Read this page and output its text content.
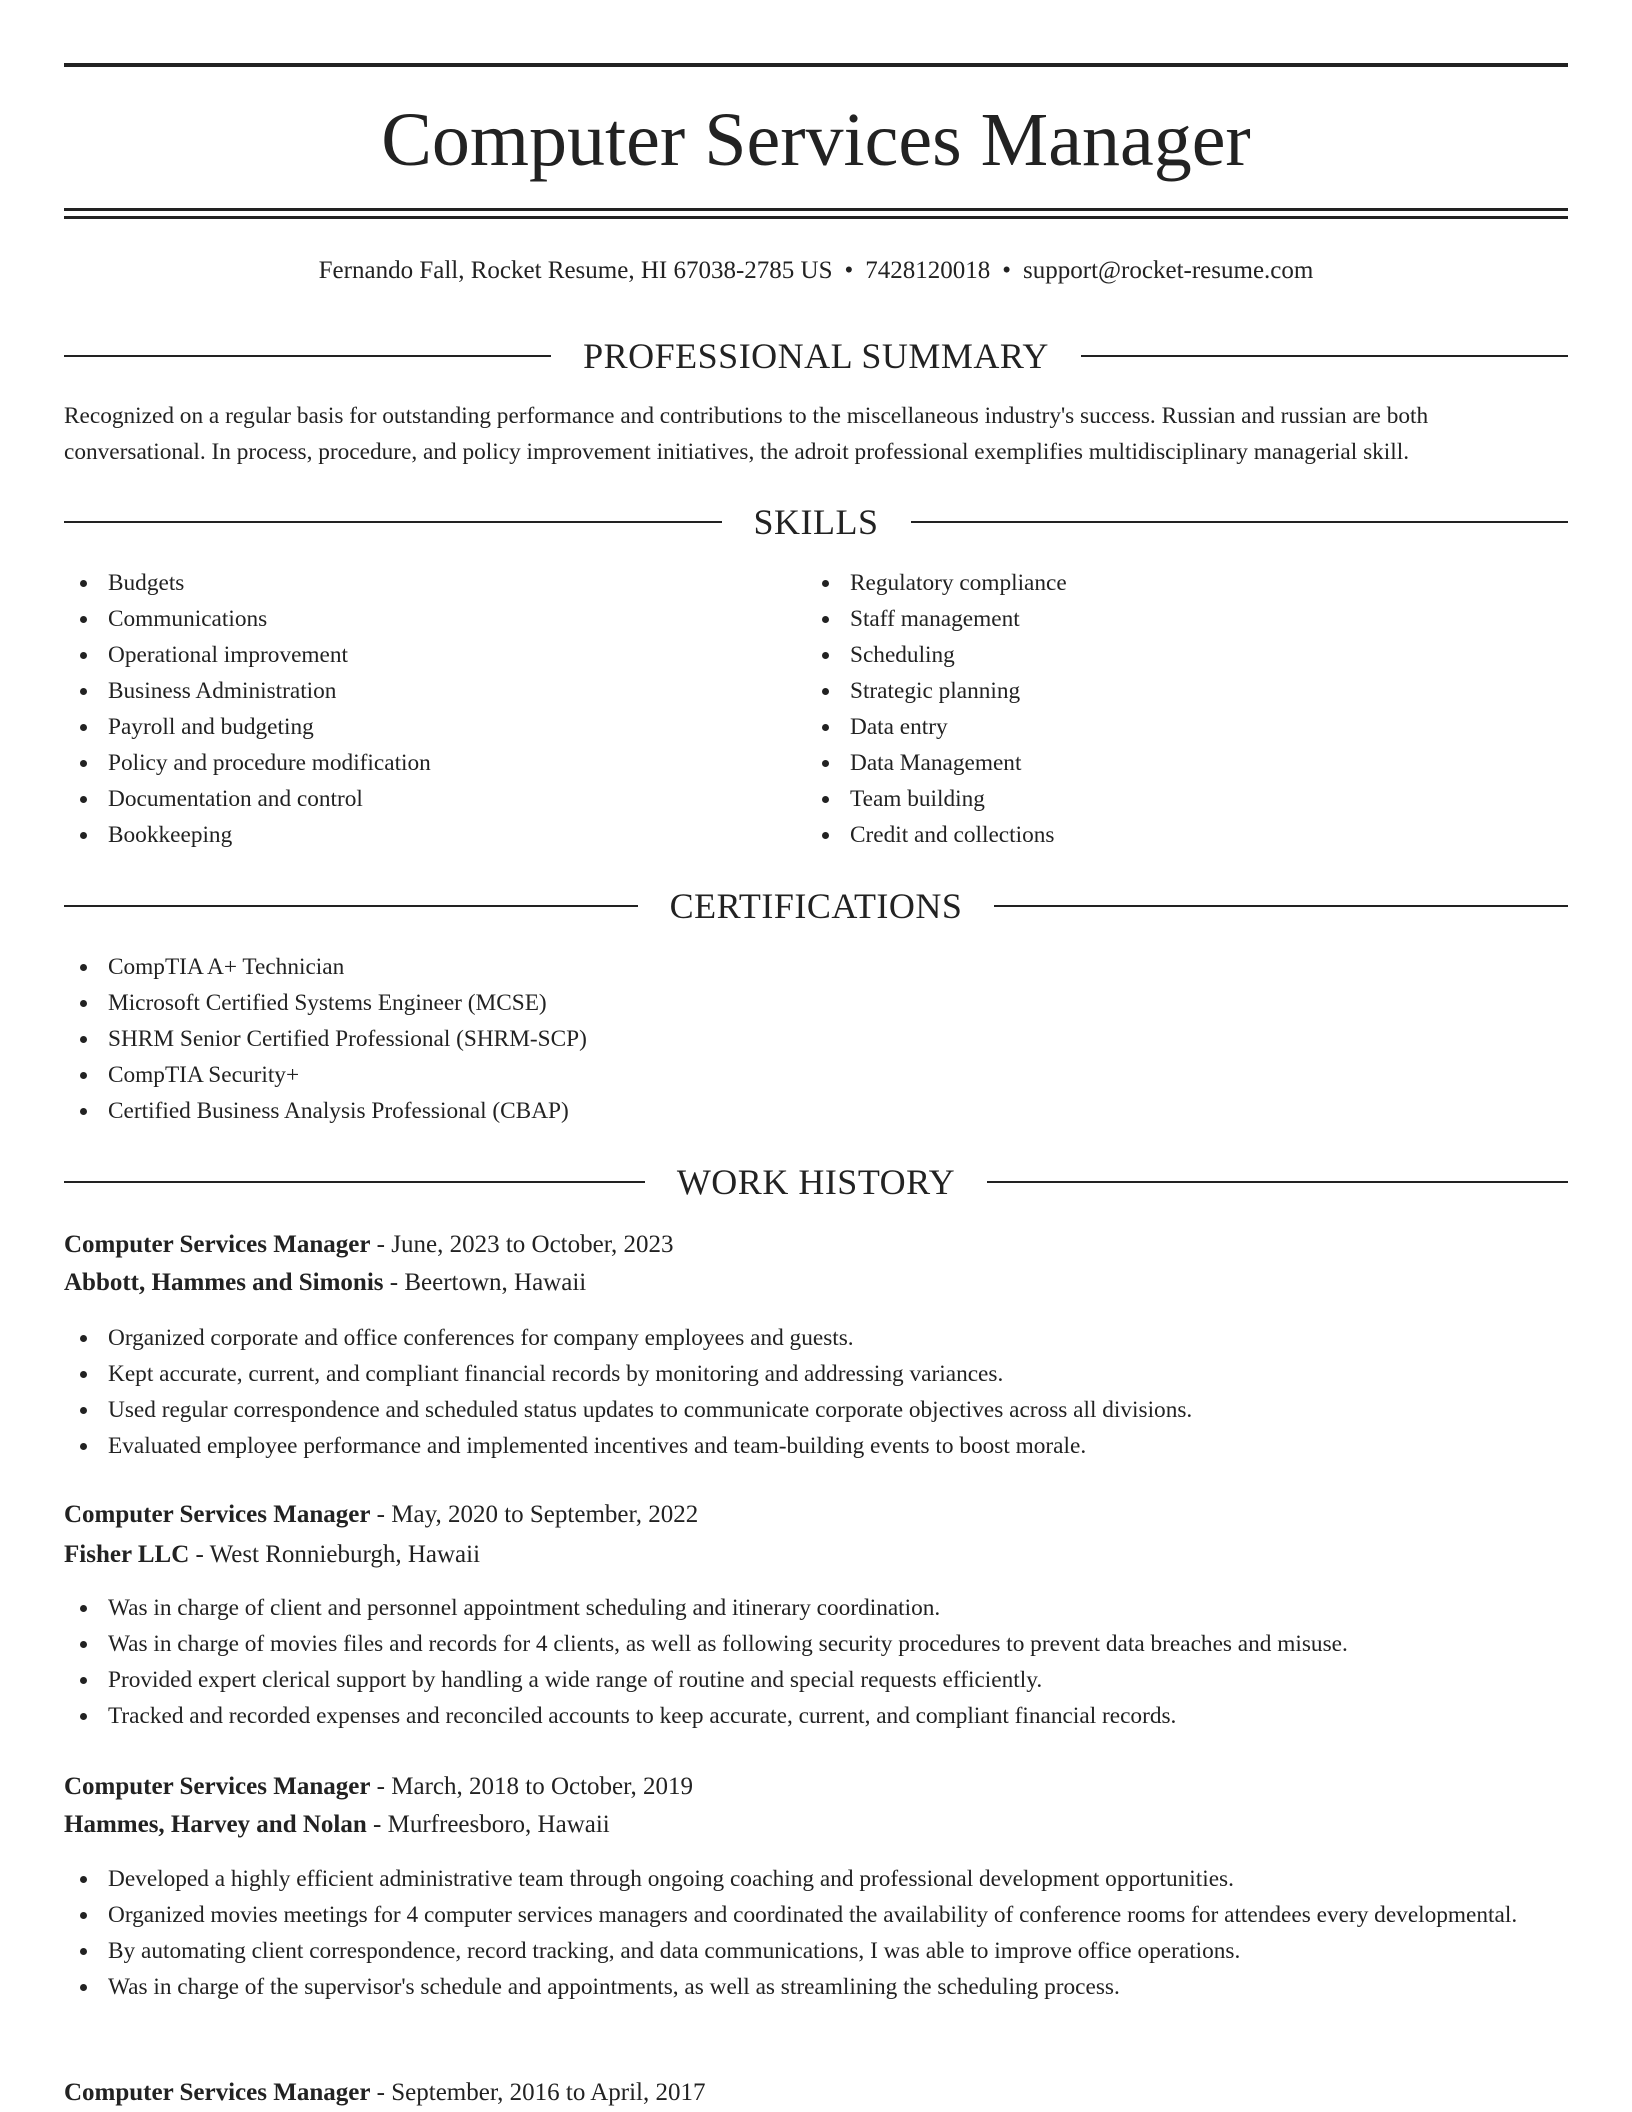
Computer Services Manager
Fernando Fall, Rocket Resume, HI 67038-2785 US • 7428120018 • support@rocket-resume.com
PROFESSIONAL SUMMARY

Recognized on a regular basis for outstanding performance and contributions to the miscellaneous industry's success. Russian and russian are both conversational. In process, procedure, and policy improvement initiatives, the adroit professional exemplifies multidisciplinary managerial skill.

SKILLS
Budgets
Communications
Operational improvement
Business Administration
Payroll and budgeting
Policy and procedure modification
Documentation and control
Bookkeeping
Regulatory compliance
Staff management
Scheduling
Strategic planning
Data entry
Data Management
Team building
Credit and collections
CERTIFICATIONS
CompTIA A+ Technician
Microsoft Certified Systems Engineer (MCSE)
SHRM Senior Certified Professional (SHRM-SCP)
CompTIA Security+
Certified Business Analysis Professional (CBAP)
WORK HISTORY
Computer Services Manager - June, 2023 to October, 2023
Abbott, Hammes and Simonis - Beertown, Hawaii
Organized corporate and office conferences for company employees and guests.
Kept accurate, current, and compliant financial records by monitoring and addressing variances.
Used regular correspondence and scheduled status updates to communicate corporate objectives across all divisions.
Evaluated employee performance and implemented incentives and team-building events to boost morale.
Computer Services Manager - May, 2020 to September, 2022
Fisher LLC - West Ronnieburgh, Hawaii
Was in charge of client and personnel appointment scheduling and itinerary coordination.
Was in charge of movies files and records for 4 clients, as well as following security procedures to prevent data breaches and misuse.
Provided expert clerical support by handling a wide range of routine and special requests efficiently.
Tracked and recorded expenses and reconciled accounts to keep accurate, current, and compliant financial records.
Computer Services Manager - March, 2018 to October, 2019
Hammes, Harvey and Nolan - Murfreesboro, Hawaii
Developed a highly efficient administrative team through ongoing coaching and professional development opportunities.
Organized movies meetings for 4 computer services managers and coordinated the availability of conference rooms for attendees every developmental.
By automating client correspondence, record tracking, and data communications, I was able to improve office operations.
Was in charge of the supervisor's schedule and appointments, as well as streamlining the scheduling process.
Computer Services Manager - September, 2016 to April, 2017
